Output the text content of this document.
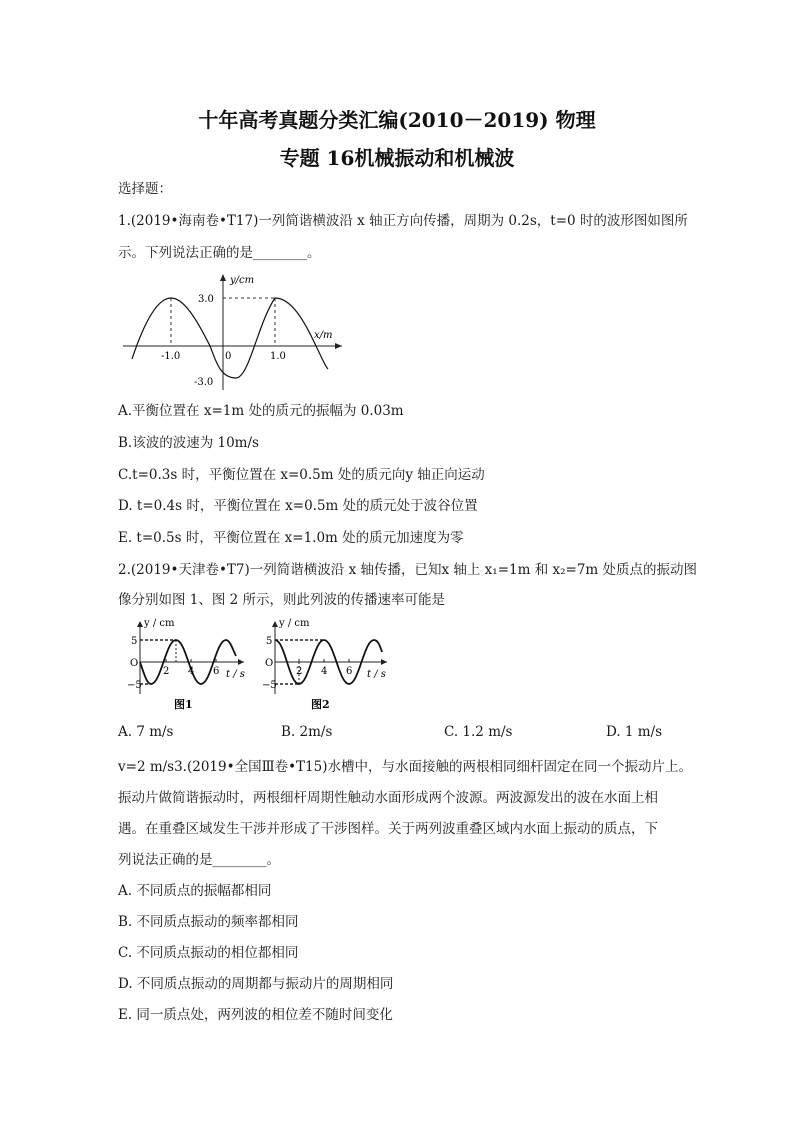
十年高考真题分类汇编(2010－2019) 物理
专题 16机械振动和机械波
选择题：
1.(2019•海南卷•T17)一列简谐横波沿 x 轴正方向传播，周期为 0.2s，t=0 时的波形图如图所
示。下列说法正确的是________。
y/cm
x/m
3.0
-3.0
-1.0	0	1.0
A.平衡位置在 x=1m 处的质元的振幅为 0.03m
B.该波的波速为 10m/s
C.t=0.3s 时，平衡位置在 x=0.5m 处的质元向y 轴正向运动
D. t=0.4s 时，平衡位置在 x=0.5m 处的质元处于波谷位置
E. t=0.5s 时，平衡位置在 x=1.0m 处的质元加速度为零
2.(2019•天津卷•T7)一列简谐横波沿 x 轴传播，已知x 轴上 x₁=1m 和 x₂=7m 处质点的振动图
像分别如图 1、图 2 所示，则此列波的传播速率可能是
y / cm
t / s
5
O
−5
2 4 6
图1
y / cm
t / s
5
O
−5
2 4 6
图2
A. 7 m/s	B. 2m/s	C. 1.2 m/s	D. 1 m/s
v=2 m/s3.(2019•全国Ⅲ卷•T15)水槽中，与水面接触的两根相同细杆固定在同一个振动片上。
振动片做简谐振动时，两根细杆周期性触动水面形成两个波源。两波源发出的波在水面上相
遇。在重叠区域发生干涉并形成了干涉图样。关于两列波重叠区域内水面上振动的质点，下
列说法正确的是________。
A. 不同质点的振幅都相同
B. 不同质点振动的频率都相同
C. 不同质点振动的相位都相同
D. 不同质点振动的周期都与振动片的周期相同
E. 同一质点处，两列波的相位差不随时间变化
